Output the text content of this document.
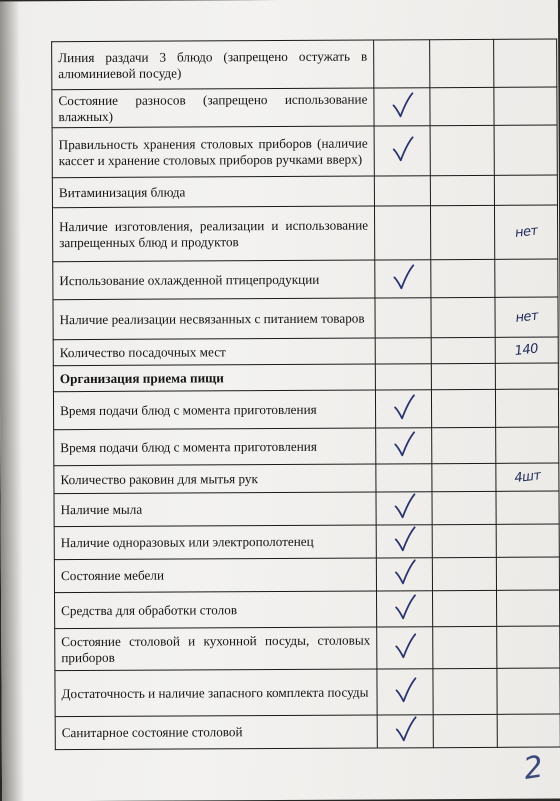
Линия раздачи 3 блюдо (запрещено остужать в алюминиевой посуде)			
Состояние разносов (запрещено использование влажных)	

Правильность хранения столовых приборов (наличие кассет и хранение столовых приборов ручками вверх)	

Витаминизация блюда			
Наличие изготовления, реализации и использование запрещенных блюд и продуктов			нет
Использование охлажденной птицепродукции	

Наличие реализации несвязанных с питанием товаров			нет
Количество посадочных мест			140
Организация приема пищи			
Время подачи блюд с момента приготовления	

Время подачи блюд с момента приготовления	

Количество раковин для мытья рук			4шт
Наличие мыла	

Наличие одноразовых или электрополотенец	

Состояние мебели	

Средства для обработки столов	

Состояние столовой и кухонной посуды, столовых приборов	

Достаточность и наличие запасного комплекта посуды	

Санитарное состояние столовой	

2
